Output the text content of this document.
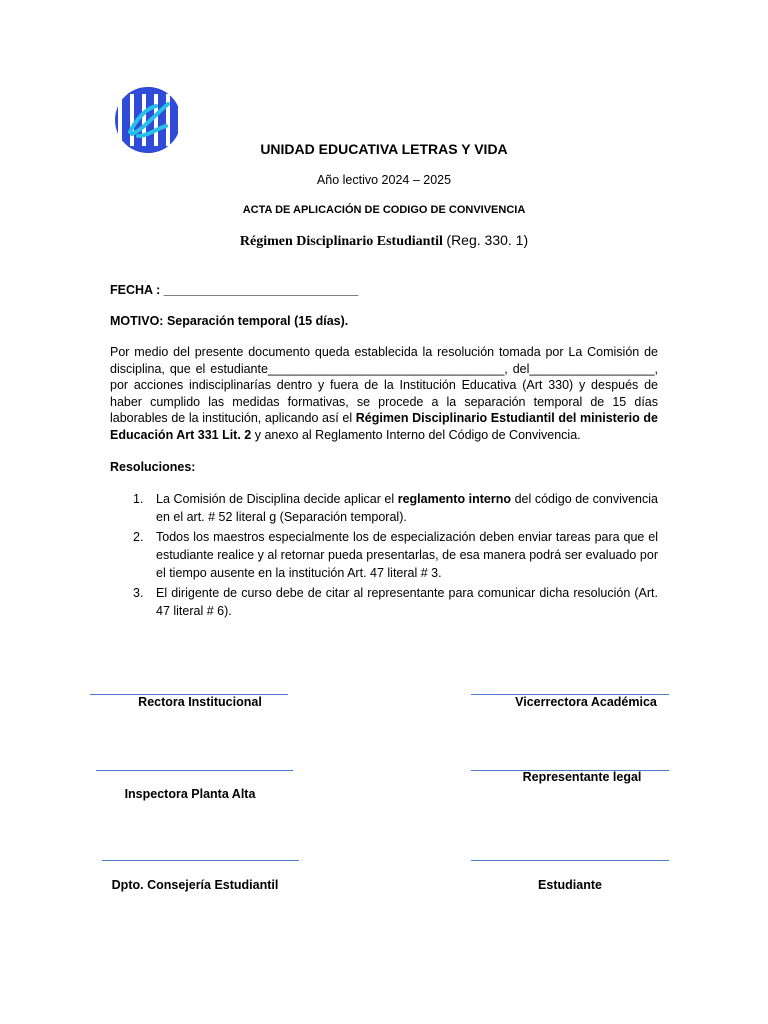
UNIDAD EDUCATIVA LETRAS Y VIDA
Año lectivo 2024 – 2025
ACTA DE APLICACIÓN DE CODIGO DE CONVIVENCIA
Régimen Disciplinario Estudiantil (Reg. 330. 1)
FECHA : ____________________________
MOTIVO: Separación temporal (15 días).
Por medio del presente documento queda establecida la resolución tomada por La Comisión de disciplina, que el estudiante__________________________________, del__________________, por acciones indisciplinarías dentro y fuera de la Institución Educativa (Art 330) y después de haber cumplido las medidas formativas, se procede a la separación temporal de 15 días laborables de la institución, aplicando así el Régimen Disciplinario Estudiantil del ministerio de Educación Art 331 Lit. 2 y anexo al Reglamento Interno del Código de Convivencia.
Resoluciones:
1. La Comisión de Disciplina decide aplicar el reglamento interno del código de convivencia en el art. # 52 literal g (Separación temporal).
2. Todos los maestros especialmente los de especialización deben enviar tareas para que el estudiante realice y al retornar pueda presentarlas, de esa manera podrá ser evaluado por el tiempo ausente en la institución Art. 47 literal # 3.
3. El dirigente de curso debe de citar al representante para comunicar dicha resolución (Art. 47 literal # 6).
Rectora Institucional	Vicerrectora Académica
Inspectora Planta Alta
Representante legal
Dpto. Consejería Estudiantil	Estudiante
